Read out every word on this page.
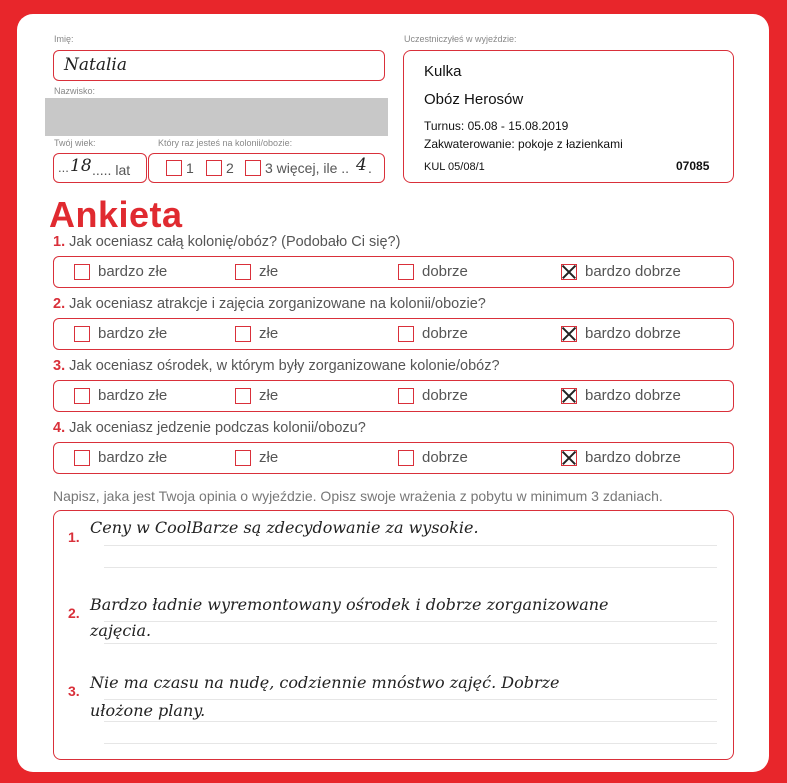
Imię:
Natalia
Nazwisko:
Twój wiek:
... 18 ..... lat
Który raz jesteś na kolonii/obozie:
1 2 3 więcej, ile .. 4 .
Uczestniczyłeś w wyjeździe:
Kulka
Obóz Herosów
Turnus: 05.08 - 15.08.2019
Zakwaterowanie: pokoje z łazienkami
KUL 05/08/1	07085
Ankieta
1. Jak oceniasz całą kolonię/obóz? (Podobało Ci się?)
bardzo złe	złe	dobrze	bardzo dobrze
2. Jak oceniasz atrakcje i zajęcia zorganizowane na kolonii/obozie?
bardzo złe	złe	dobrze	bardzo dobrze
3. Jak oceniasz ośrodek, w którym były zorganizowane kolonie/obóz?
bardzo złe	złe	dobrze	bardzo dobrze
4. Jak oceniasz jedzenie podczas kolonii/obozu?
bardzo złe	złe	dobrze	bardzo dobrze
Napisz, jaka jest Twoja opinia o wyjeździe. Opisz swoje wrażenia z pobytu w minimum 3 zdaniach.
1. Ceny w CoolBarze są zdecydowanie za wysokie.
2. Bardzo ładnie wyremontowany ośrodek i dobrze zorganizowane
zajęcia.
3. Nie ma czasu na nudę, codziennie mnóstwo zajęć. Dobrze
ułożone plany.
